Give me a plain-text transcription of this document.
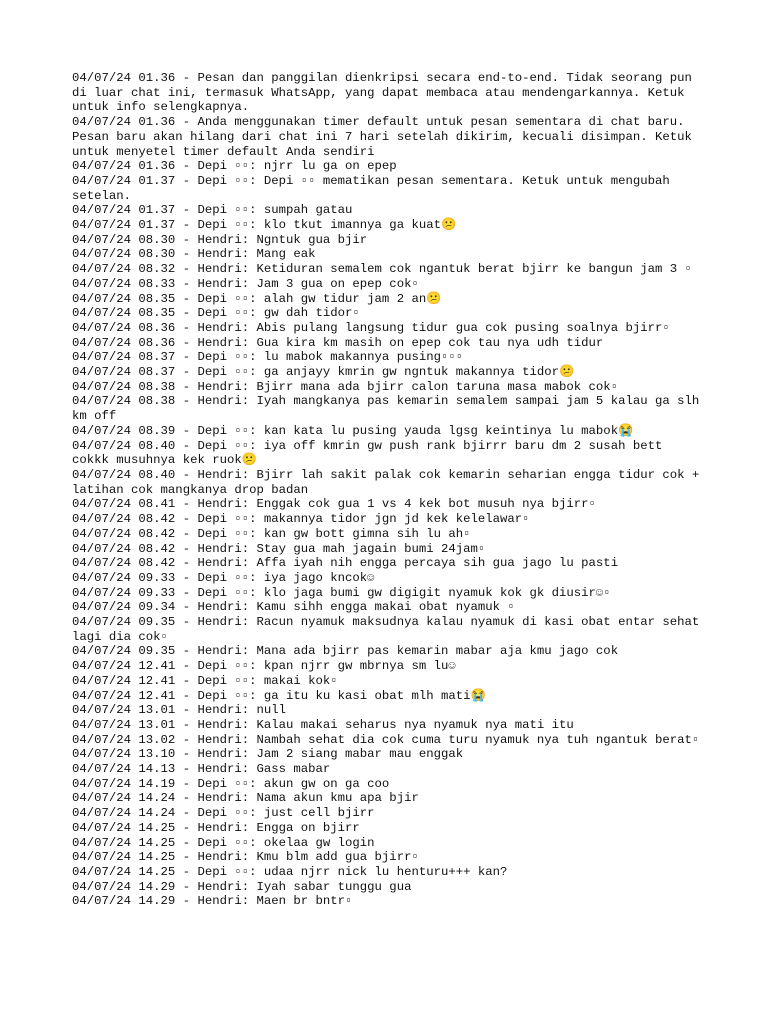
04/07/24 01.36 - Pesan dan panggilan dienkripsi secara end-to-end. Tidak seorang pun di luar chat ini, termasuk WhatsApp, yang dapat membaca atau mendengarkannya. Ketuk untuk info selengkapnya.
04/07/24 01.36 - Anda menggunakan timer default untuk pesan sementara di chat baru. Pesan baru akan hilang dari chat ini 7 hari setelah dikirim, kecuali disimpan. Ketuk untuk menyetel timer default Anda sendiri
04/07/24 01.36 - Depi ▫▫: njrr lu ga on epep
04/07/24 01.37 - Depi ▫▫: Depi ▫▫ mematikan pesan sementara. Ketuk untuk mengubah setelan.
04/07/24 01.37 - Depi ▫▫: sumpah gatau
04/07/24 01.37 - Depi ▫▫: klo tkut imannya ga kuat😕
04/07/24 08.30 - Hendri: Ngntuk gua bjir
04/07/24 08.30 - Hendri: Mang eak
04/07/24 08.32 - Hendri: Ketiduran semalem cok ngantuk berat bjirr ke bangun jam 3 ▫
04/07/24 08.33 - Hendri: Jam 3 gua on epep cok▫
04/07/24 08.35 - Depi ▫▫: alah gw tidur jam 2 an😕
04/07/24 08.35 - Depi ▫▫: gw dah tidor▫
04/07/24 08.36 - Hendri: Abis pulang langsung tidur gua cok pusing soalnya bjirr▫
04/07/24 08.36 - Hendri: Gua kira km masih on epep cok tau nya udh tidur
04/07/24 08.37 - Depi ▫▫: lu mabok makannya pusing▫▫▫
04/07/24 08.37 - Depi ▫▫: ga anjayy kmrin gw ngntuk makannya tidor😕
04/07/24 08.38 - Hendri: Bjirr mana ada bjirr calon taruna masa mabok cok▫
04/07/24 08.38 - Hendri: Iyah mangkanya pas kemarin semalem sampai jam 5 kalau ga slh km off
04/07/24 08.39 - Depi ▫▫: kan kata lu pusing yauda lgsg keintinya lu mabok😭
04/07/24 08.40 - Depi ▫▫: iya off kmrin gw push rank bjirrr baru dm 2 susah bett cokkk musuhnya kek ruok😕
04/07/24 08.40 - Hendri: Bjirr lah sakit palak cok kemarin seharian engga tidur cok + latihan cok mangkanya drop badan
04/07/24 08.41 - Hendri: Enggak cok gua 1 vs 4 kek bot musuh nya bjirr▫
04/07/24 08.42 - Depi ▫▫: makannya tidor jgn jd kek kelelawar▫
04/07/24 08.42 - Depi ▫▫: kan gw bott gimna sih lu ah▫
04/07/24 08.42 - Hendri: Stay gua mah jagain bumi 24jam▫
04/07/24 08.42 - Hendri: Affa iyah nih engga percaya sih gua jago lu pasti
04/07/24 09.33 - Depi ▫▫: iya jago kncok☺
04/07/24 09.33 - Depi ▫▫: klo jaga bumi gw digigit nyamuk kok gk diusir☺▫
04/07/24 09.34 - Hendri: Kamu sihh engga makai obat nyamuk ▫
04/07/24 09.35 - Hendri: Racun nyamuk maksudnya kalau nyamuk di kasi obat entar sehat lagi dia cok▫
04/07/24 09.35 - Hendri: Mana ada bjirr pas kemarin mabar aja kmu jago cok
04/07/24 12.41 - Depi ▫▫: kpan njrr gw mbrnya sm lu☺
04/07/24 12.41 - Depi ▫▫: makai kok▫
04/07/24 12.41 - Depi ▫▫: ga itu ku kasi obat mlh mati😭
04/07/24 13.01 - Hendri: null
04/07/24 13.01 - Hendri: Kalau makai seharus nya nyamuk nya mati itu
04/07/24 13.02 - Hendri: Nambah sehat dia cok cuma turu nyamuk nya tuh ngantuk berat▫
04/07/24 13.10 - Hendri: Jam 2 siang mabar mau enggak
04/07/24 14.13 - Hendri: Gass mabar
04/07/24 14.19 - Depi ▫▫: akun gw on ga coo
04/07/24 14.24 - Hendri: Nama akun kmu apa bjir
04/07/24 14.24 - Depi ▫▫: just cell bjirr
04/07/24 14.25 - Hendri: Engga on bjirr
04/07/24 14.25 - Depi ▫▫: okelaa gw login
04/07/24 14.25 - Hendri: Kmu blm add gua bjirr▫
04/07/24 14.25 - Depi ▫▫: udaa njrr nick lu henturu+++ kan?
04/07/24 14.29 - Hendri: Iyah sabar tunggu gua
04/07/24 14.29 - Hendri: Maen br bntr▫
